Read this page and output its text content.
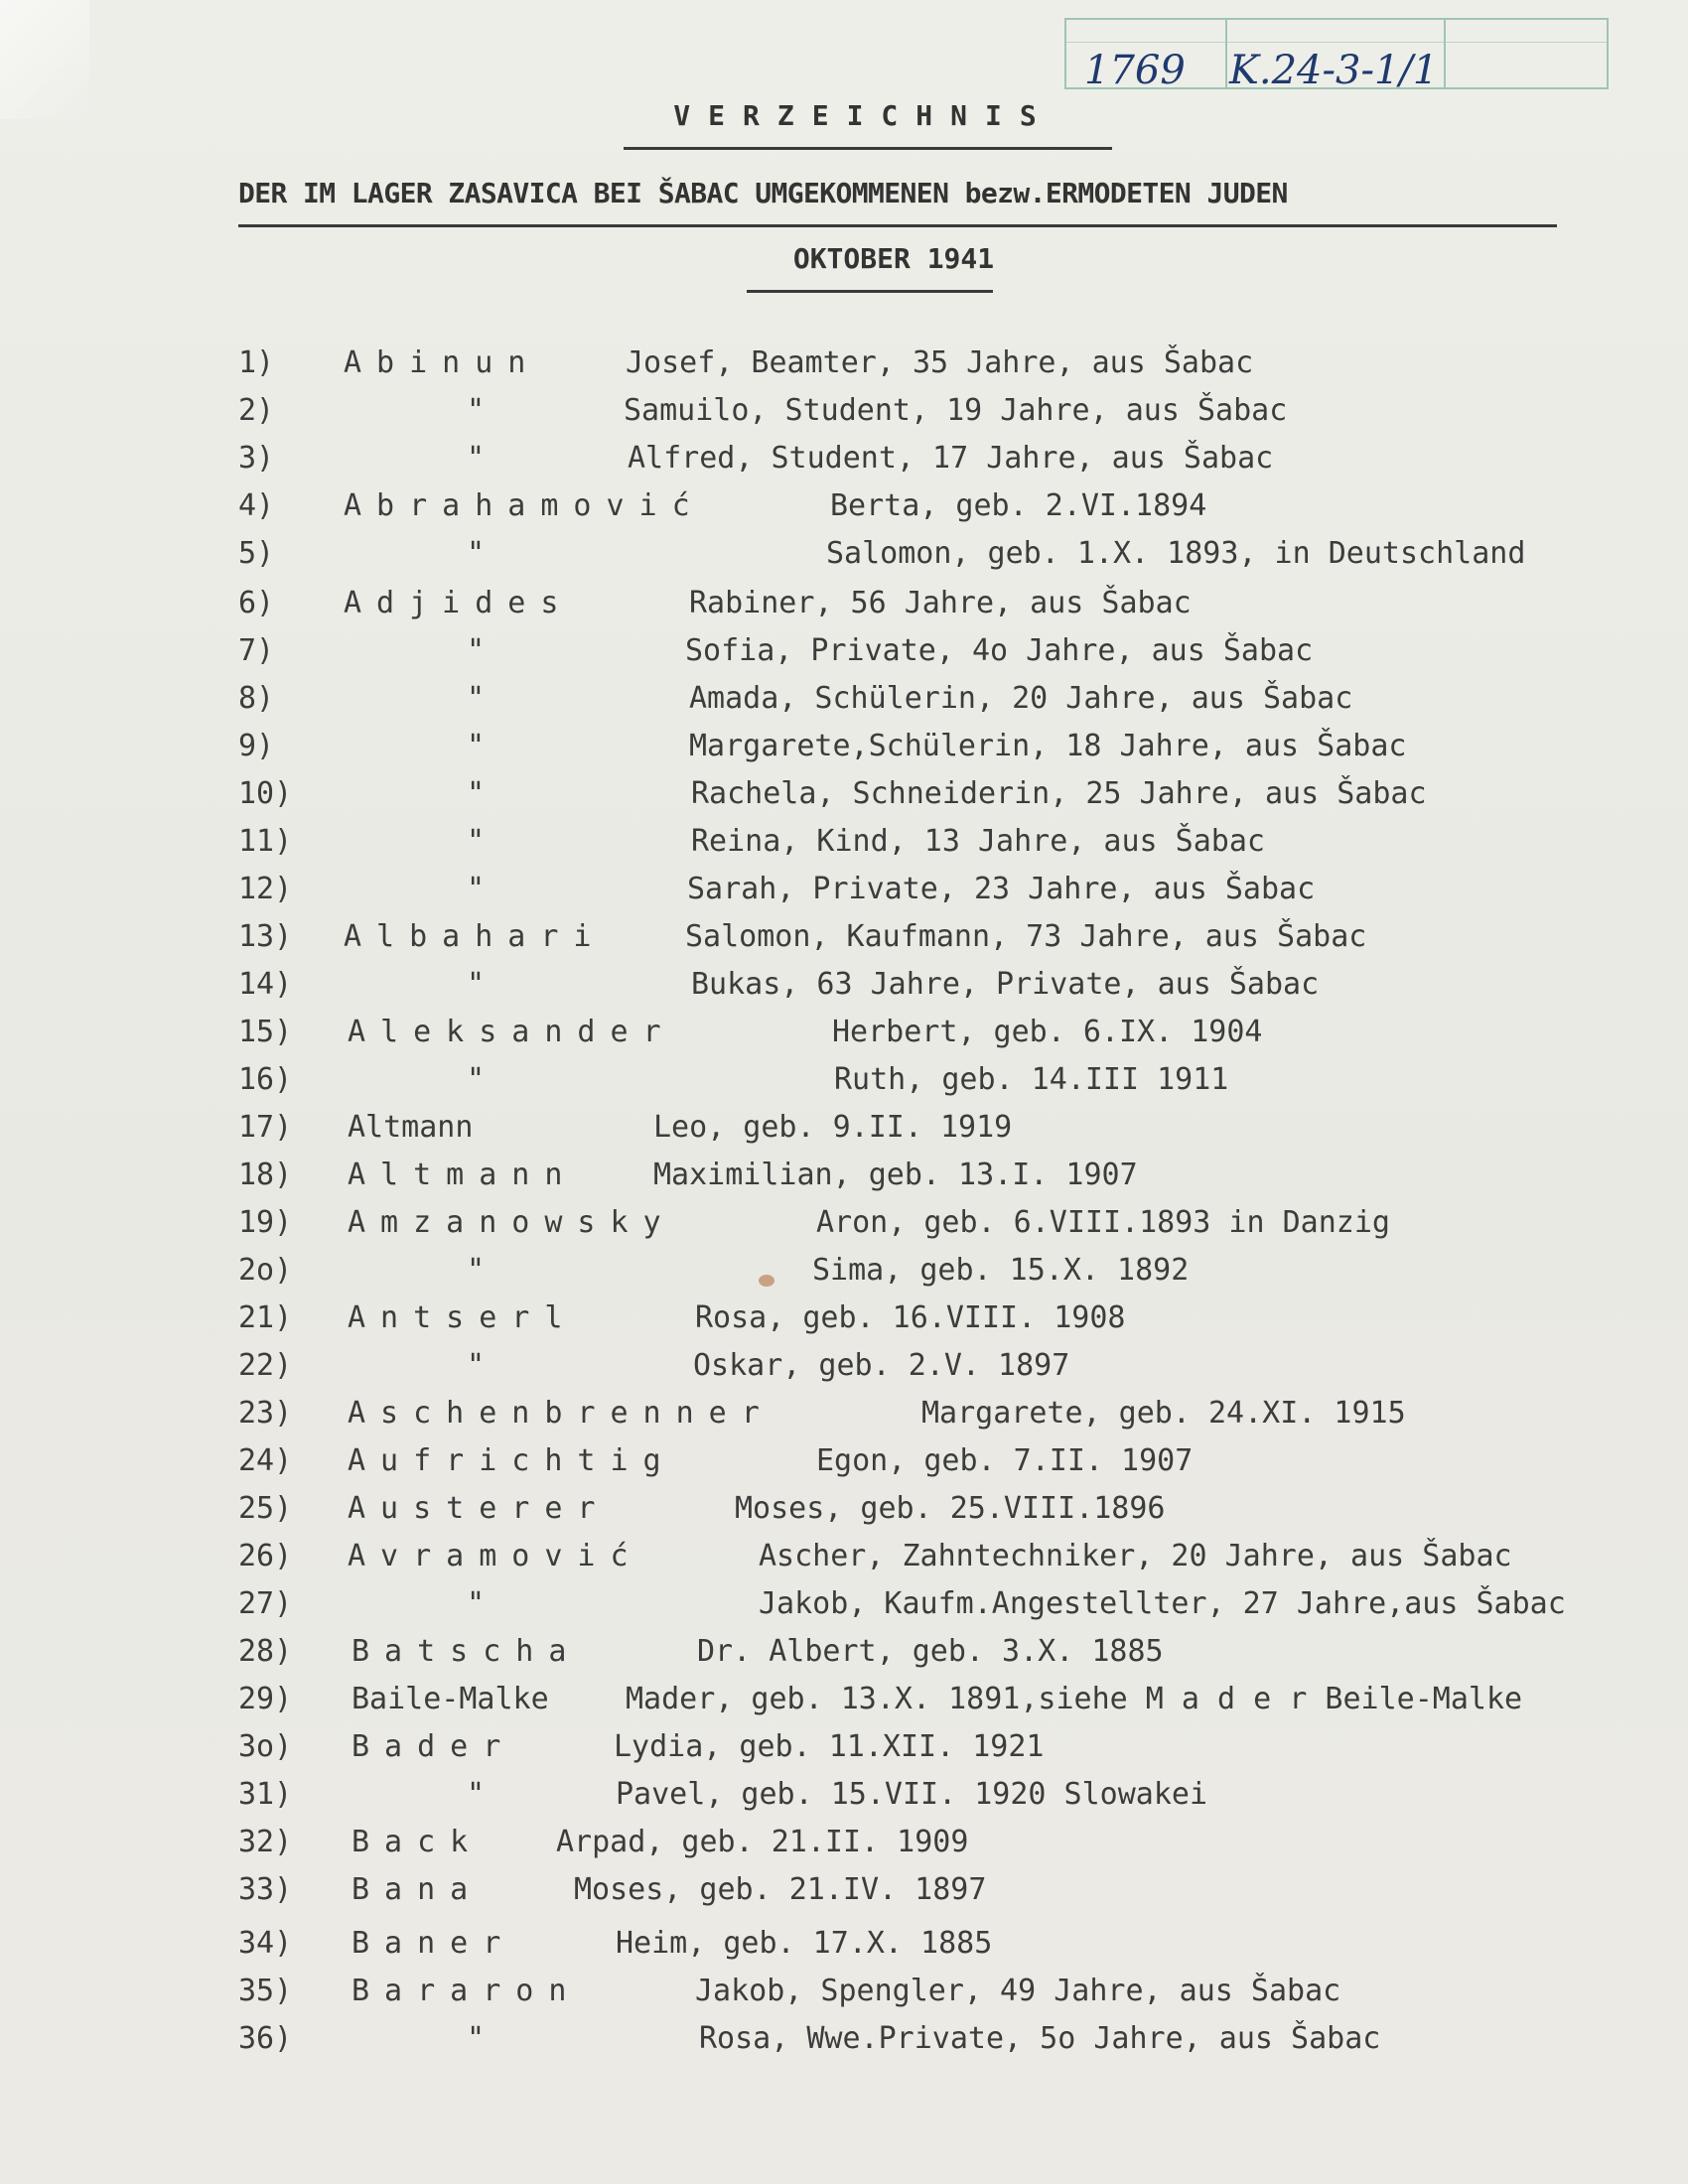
1769 K.24-3-1/1
VERZEICHNIS
DER IM LAGER ZASAVICA BEI ŠABAC UMGEKOMMENEN bezw.ERMODETEN JUDEN
OKTOBER 1941
1) Abinun	Josef, Beamter, 35 Jahre, aus Šabac
2)	"	Samuilo, Student, 19 Jahre, aus Šabac
3)	"	Alfred, Student, 17 Jahre, aus Šabac
4) Abrahamović	Berta, geb. 2.VI.1894
5)	"	Salomon, geb. 1.X. 1893, in Deutschland
6) Adjides	Rabiner, 56 Jahre, aus Šabac
7)	"	Sofia, Private, 4o Jahre, aus Šabac
8)	"	Amada, Schülerin, 20 Jahre, aus Šabac
9)	"	Margarete,Schülerin, 18 Jahre, aus Šabac
10)	"	Rachela, Schneiderin, 25 Jahre, aus Šabac
11)	"	Reina, Kind, 13 Jahre, aus Šabac
12)	"	Sarah, Private, 23 Jahre, aus Šabac
13) Albahari	Salomon, Kaufmann, 73 Jahre, aus Šabac
14)	"	Bukas, 63 Jahre, Private, aus Šabac
15) Aleksander	Herbert, geb. 6.IX. 1904
16)	"	Ruth, geb. 14.III 1911
17) Altmann	Leo, geb. 9.II. 1919
18) Altmann	Maximilian, geb. 13.I. 1907
19) Amzanowsky	Aron, geb. 6.VIII.1893 in Danzig
2o)	"	Sima, geb. 15.X. 1892
21) Antserl	Rosa, geb. 16.VIII. 1908
22)	"	Oskar, geb. 2.V. 1897
23) Aschenbrenner	Margarete, geb. 24.XI. 1915
24) Aufrichtig	Egon, geb. 7.II. 1907
25) Austerer	Moses, geb. 25.VIII.1896
26) Avramović	Ascher, Zahntechniker, 20 Jahre, aus Šabac
27)	"	Jakob, Kaufm.Angestellter, 27 Jahre,aus Šabac
28) Batscha	Dr. Albert, geb. 3.X. 1885
29) Baile-Malke	Mader, geb. 13.X. 1891,siehe M a d e r Beile-Malke
3o) Bader	Lydia, geb. 11.XII. 1921
31)	"	Pavel, geb. 15.VII. 1920 Slowakei
32) Back Arpad, geb. 21.II. 1909
33) Bana	Moses, geb. 21.IV. 1897
34) Baner	Heim, geb. 17.X. 1885
35) Bararon	Jakob, Spengler, 49 Jahre, aus Šabac
36)	"	Rosa, Wwe.Private, 5o Jahre, aus Šabac
